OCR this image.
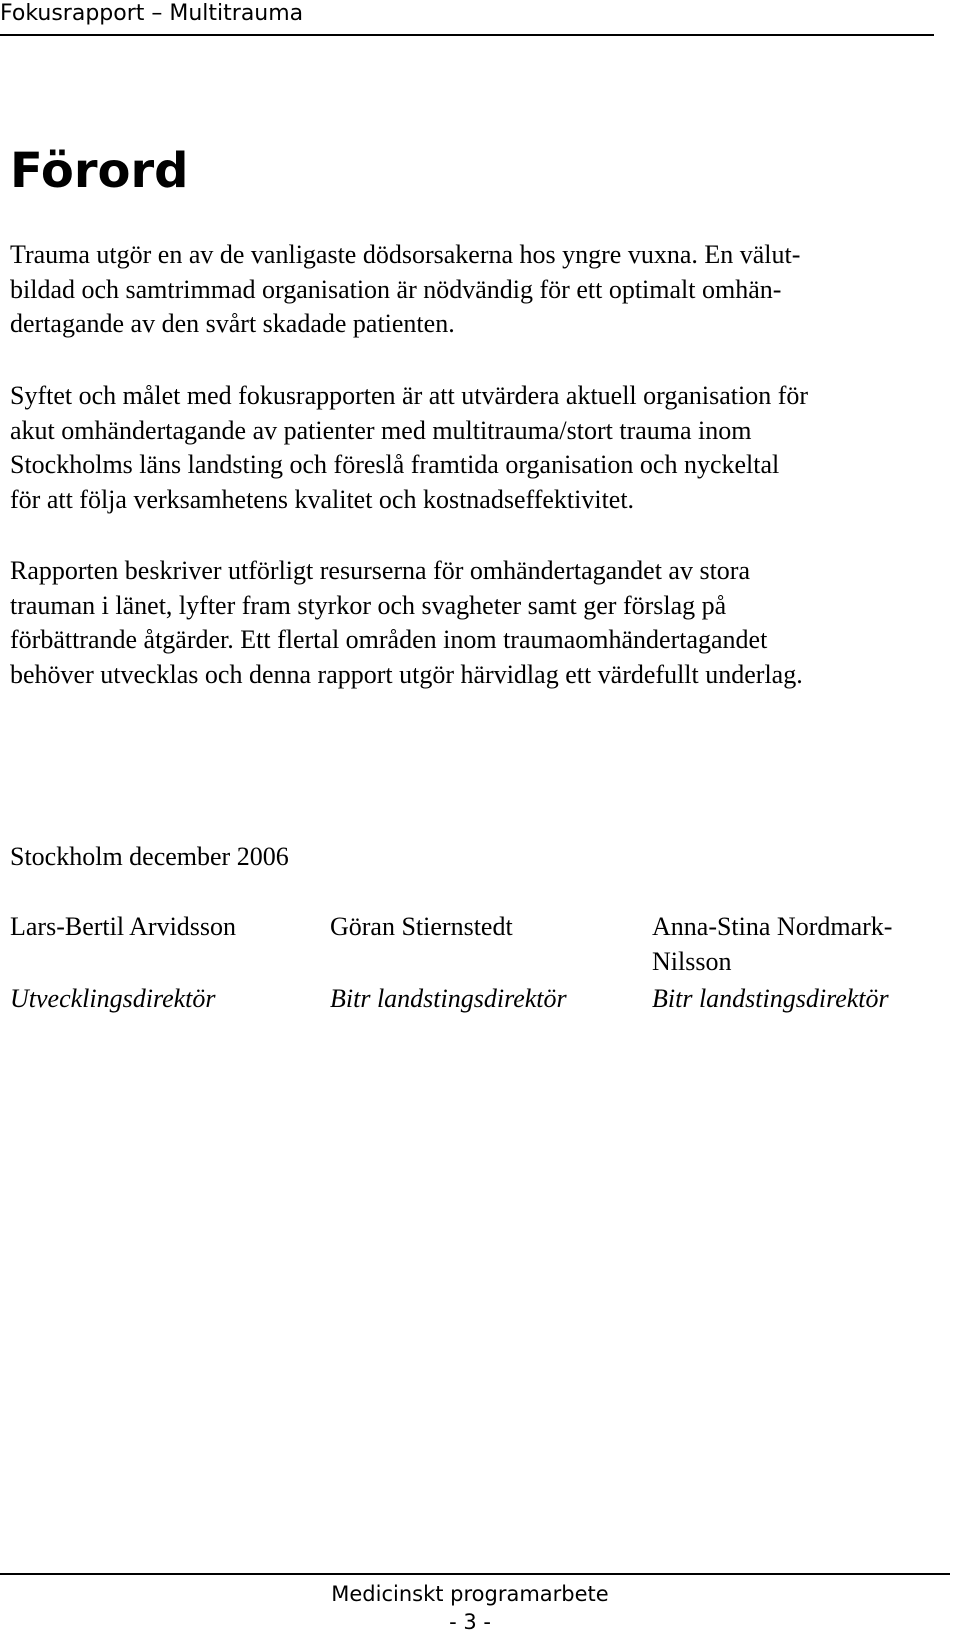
Fokusrapport – Multitrauma
Förord

Trauma utgör en av de vanligaste dödsorsakerna hos yngre vuxna. En välut-
bildad och samtrimmad organisation är nödvändig för ett optimalt omhän-
dertagande av den svårt skadade patienten.

Syftet och målet med fokusrapporten är att utvärdera aktuell organisation för
akut omhändertagande av patienter med multitrauma/stort trauma inom
Stockholms läns landsting och föreslå framtida organisation och nyckeltal
för att följa verksamhetens kvalitet och kostnadseffektivitet.

Rapporten beskriver utförligt resurserna för omhändertagandet av stora
trauman i länet, lyfter fram styrkor och svagheter samt ger förslag på
förbättrande åtgärder. Ett flertal områden inom traumaomhändertagandet
behöver utvecklas och denna rapport utgör härvidlag ett värdefullt underlag.

Stockholm december 2006
Lars-Bertil Arvidsson	Göran Stiernstedt	Anna-Stina Nordmark-
Nilsson
Utvecklingsdirektör	Bitr landstingsdirektör	Bitr landstingsdirektör
Medicinskt programarbete
- 3 -
